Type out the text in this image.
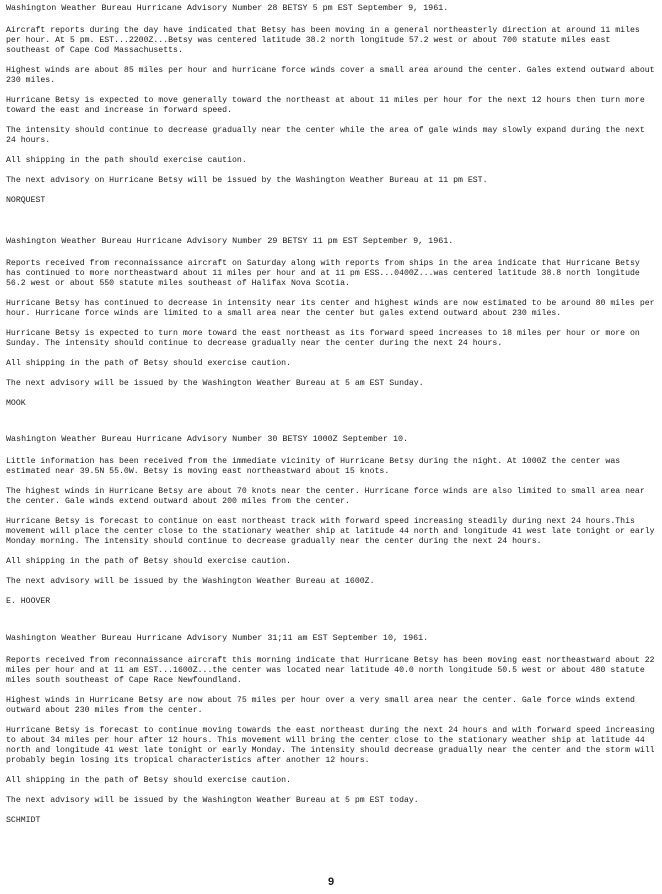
Washington Weather Bureau Hurricane Advisory Number 28 BETSY 5 pm EST September 9, 1961.

Aircraft reports during the day have indicated that Betsy has been moving in a general northeasterly direction at around 11 miles per hour. At 5 pm. EST...2200Z...Betsy was centered latitude 38.2 north longitude 57.2 west or about 700 statute miles east southeast of Cape Cod Massachusetts.

Highest winds are about 85 miles per hour and hurricane force winds cover a small area around the center. Gales extend outward about 230 miles.

Hurricane Betsy is expected to move generally toward the northeast at about 11 miles per hour for the next 12 hours then turn more toward the east and increase in forward speed.

The intensity should continue to decrease gradually near the center while the area of gale winds may slowly expand during the next 24 hours.

All shipping in the path should exercise caution.

The next advisory on Hurricane Betsy will be issued by the Washington Weather Bureau at 11 pm EST.

NORQUEST

Washington Weather Bureau Hurricane Advisory Number 29 BETSY 11 pm EST September 9, 1961.

Reports received from reconnaissance aircraft on Saturday along with reports from ships in the area indicate that Hurricane Betsy has continued to more northeastward about 11 miles per hour and at 11 pm ESS...0400Z...was centered latitude 38.8 north longitude 56.2 west or about 550 statute miles southeast of Halifax Nova Scotia.

Hurricane Betsy has continued to decrease in intensity near its center and highest winds are now estimated to be around 80 miles per hour. Hurricane force winds are limited to a small area near the center but gales extend outward about 230 miles.

Hurricane Betsy is expected to turn more toward the east northeast as its forward speed increases to 18 miles per hour or more on Sunday. The intensity should continue to decrease gradually near the center during the next 24 hours.

All shipping in the path of Betsy should exercise caution.

The next advisory will be issued by the Washington Weather Bureau at 5 am EST Sunday.

MOOK

Washington Weather Bureau Hurricane Advisory Number 30 BETSY 1000Z September 10.

Little information has been received from the immediate vicinity of Hurricane Betsy during the night. At 1000Z the center was estimated near 39.5N 55.0W. Betsy is moving east northeastward about 15 knots.

The highest winds in Hurricane Betsy are about 70 knots near the center. Hurricane force winds are also limited to small area near the center. Gale winds extend outward about 200 miles from the center.

Hurricane Betsy is forecast to continue on east northeast track with forward speed increasing steadily during next 24 hours.This movement will place the center close to the stationary weather ship at latitude 44 north and longitude 41 west late tonight or early Monday morning. The intensity should continue to decrease gradually near the center during the next 24 hours.

All shipping in the path of Betsy should exercise caution.

The next advisory will be issued by the Washington Weather Bureau at 1600Z.

E. HOOVER

Washington Weather Bureau Hurricane Advisory Number 31;11 am EST September 10, 1961.

Reports received from reconnaissance aircraft this morning indicate that Hurricane Betsy has been moving east northeastward about 22 miles per hour and at 11 am EST...1600Z...the center was located near latitude 40.0 north longitude 50.5 west or about 480 statute miles south southeast of Cape Race Newfoundland.

Highest winds in Hurricane Betsy are now about 75 miles per hour over a very small area near the center. Gale force winds extend outward about 230 miles from the center.

Hurricane Betsy is forecast to continue moving towards the east northeast during the next 24 hours and with forward speed increasing to about 34 miles per hour after 12 hours. This movement will bring the center close to the stationary weather ship at latitude 44 north and longitude 41 west late tonight or early Monday. The intensity should decrease gradually near the center and the storm will probably begin losing its tropical characteristics after another 12 hours.

All shipping in the path of Betsy should exercise caution.

The next advisory will be issued by the Washington Weather Bureau at 5 pm EST today.

SCHMIDT

9
